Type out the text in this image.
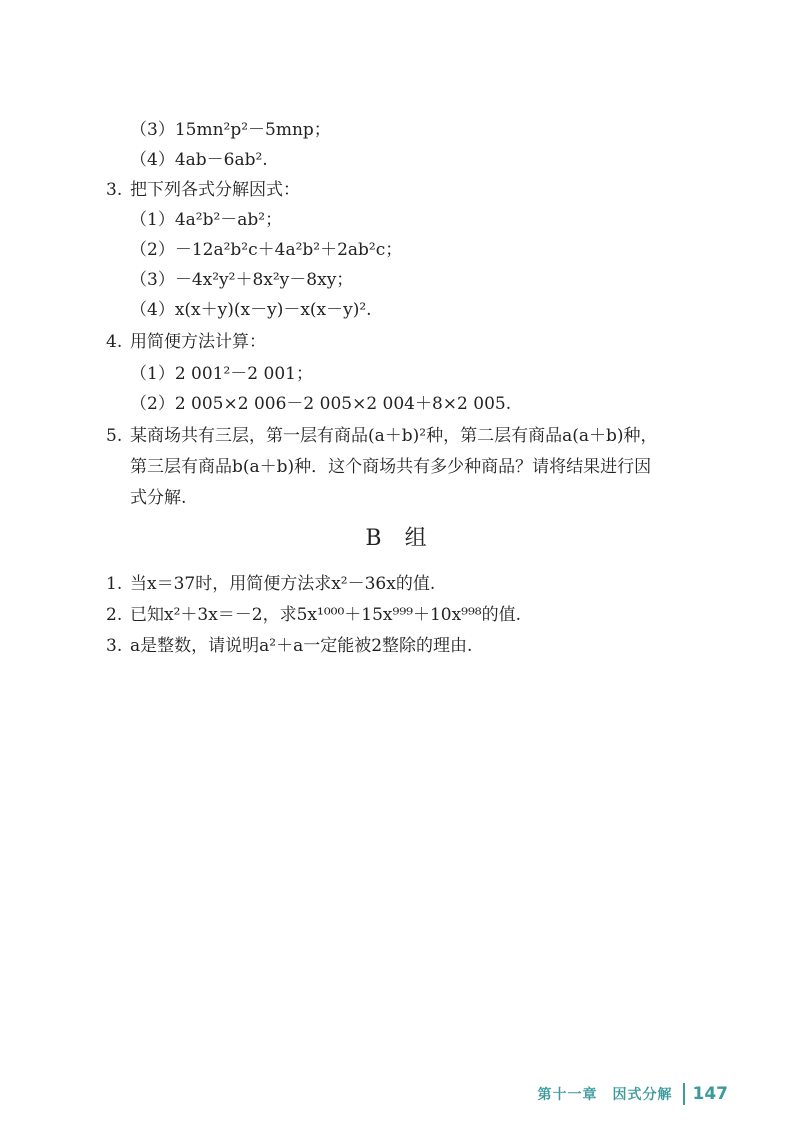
（3）15mn²p²－5mnp；
（4）4ab－6ab².
3. 把下列各式分解因式：
（1）4a²b²－ab²；
（2）－12a²b²c＋4a²b²＋2ab²c；
（3）－4x²y²＋8x²y－8xy；
（4）x(x＋y)(x－y)－x(x－y)².
4. 用简便方法计算：
（1）2 001²－2 001；
（2）2 005×2 006－2 005×2 004＋8×2 005.
5. 某商场共有三层，第一层有商品(a＋b)²种，第二层有商品a(a＋b)种，
第三层有商品b(a＋b)种．这个商场共有多少种商品？请将结果进行因
式分解.
B 组
1. 当x＝37时，用简便方法求x²－36x的值.
2. 已知x²＋3x＝－2，求5x¹⁰⁰⁰＋15x⁹⁹⁹＋10x⁹⁹⁸的值.
3. a是整数，请说明a²＋a一定能被2整除的理由.
第十一章　因式分解 147
